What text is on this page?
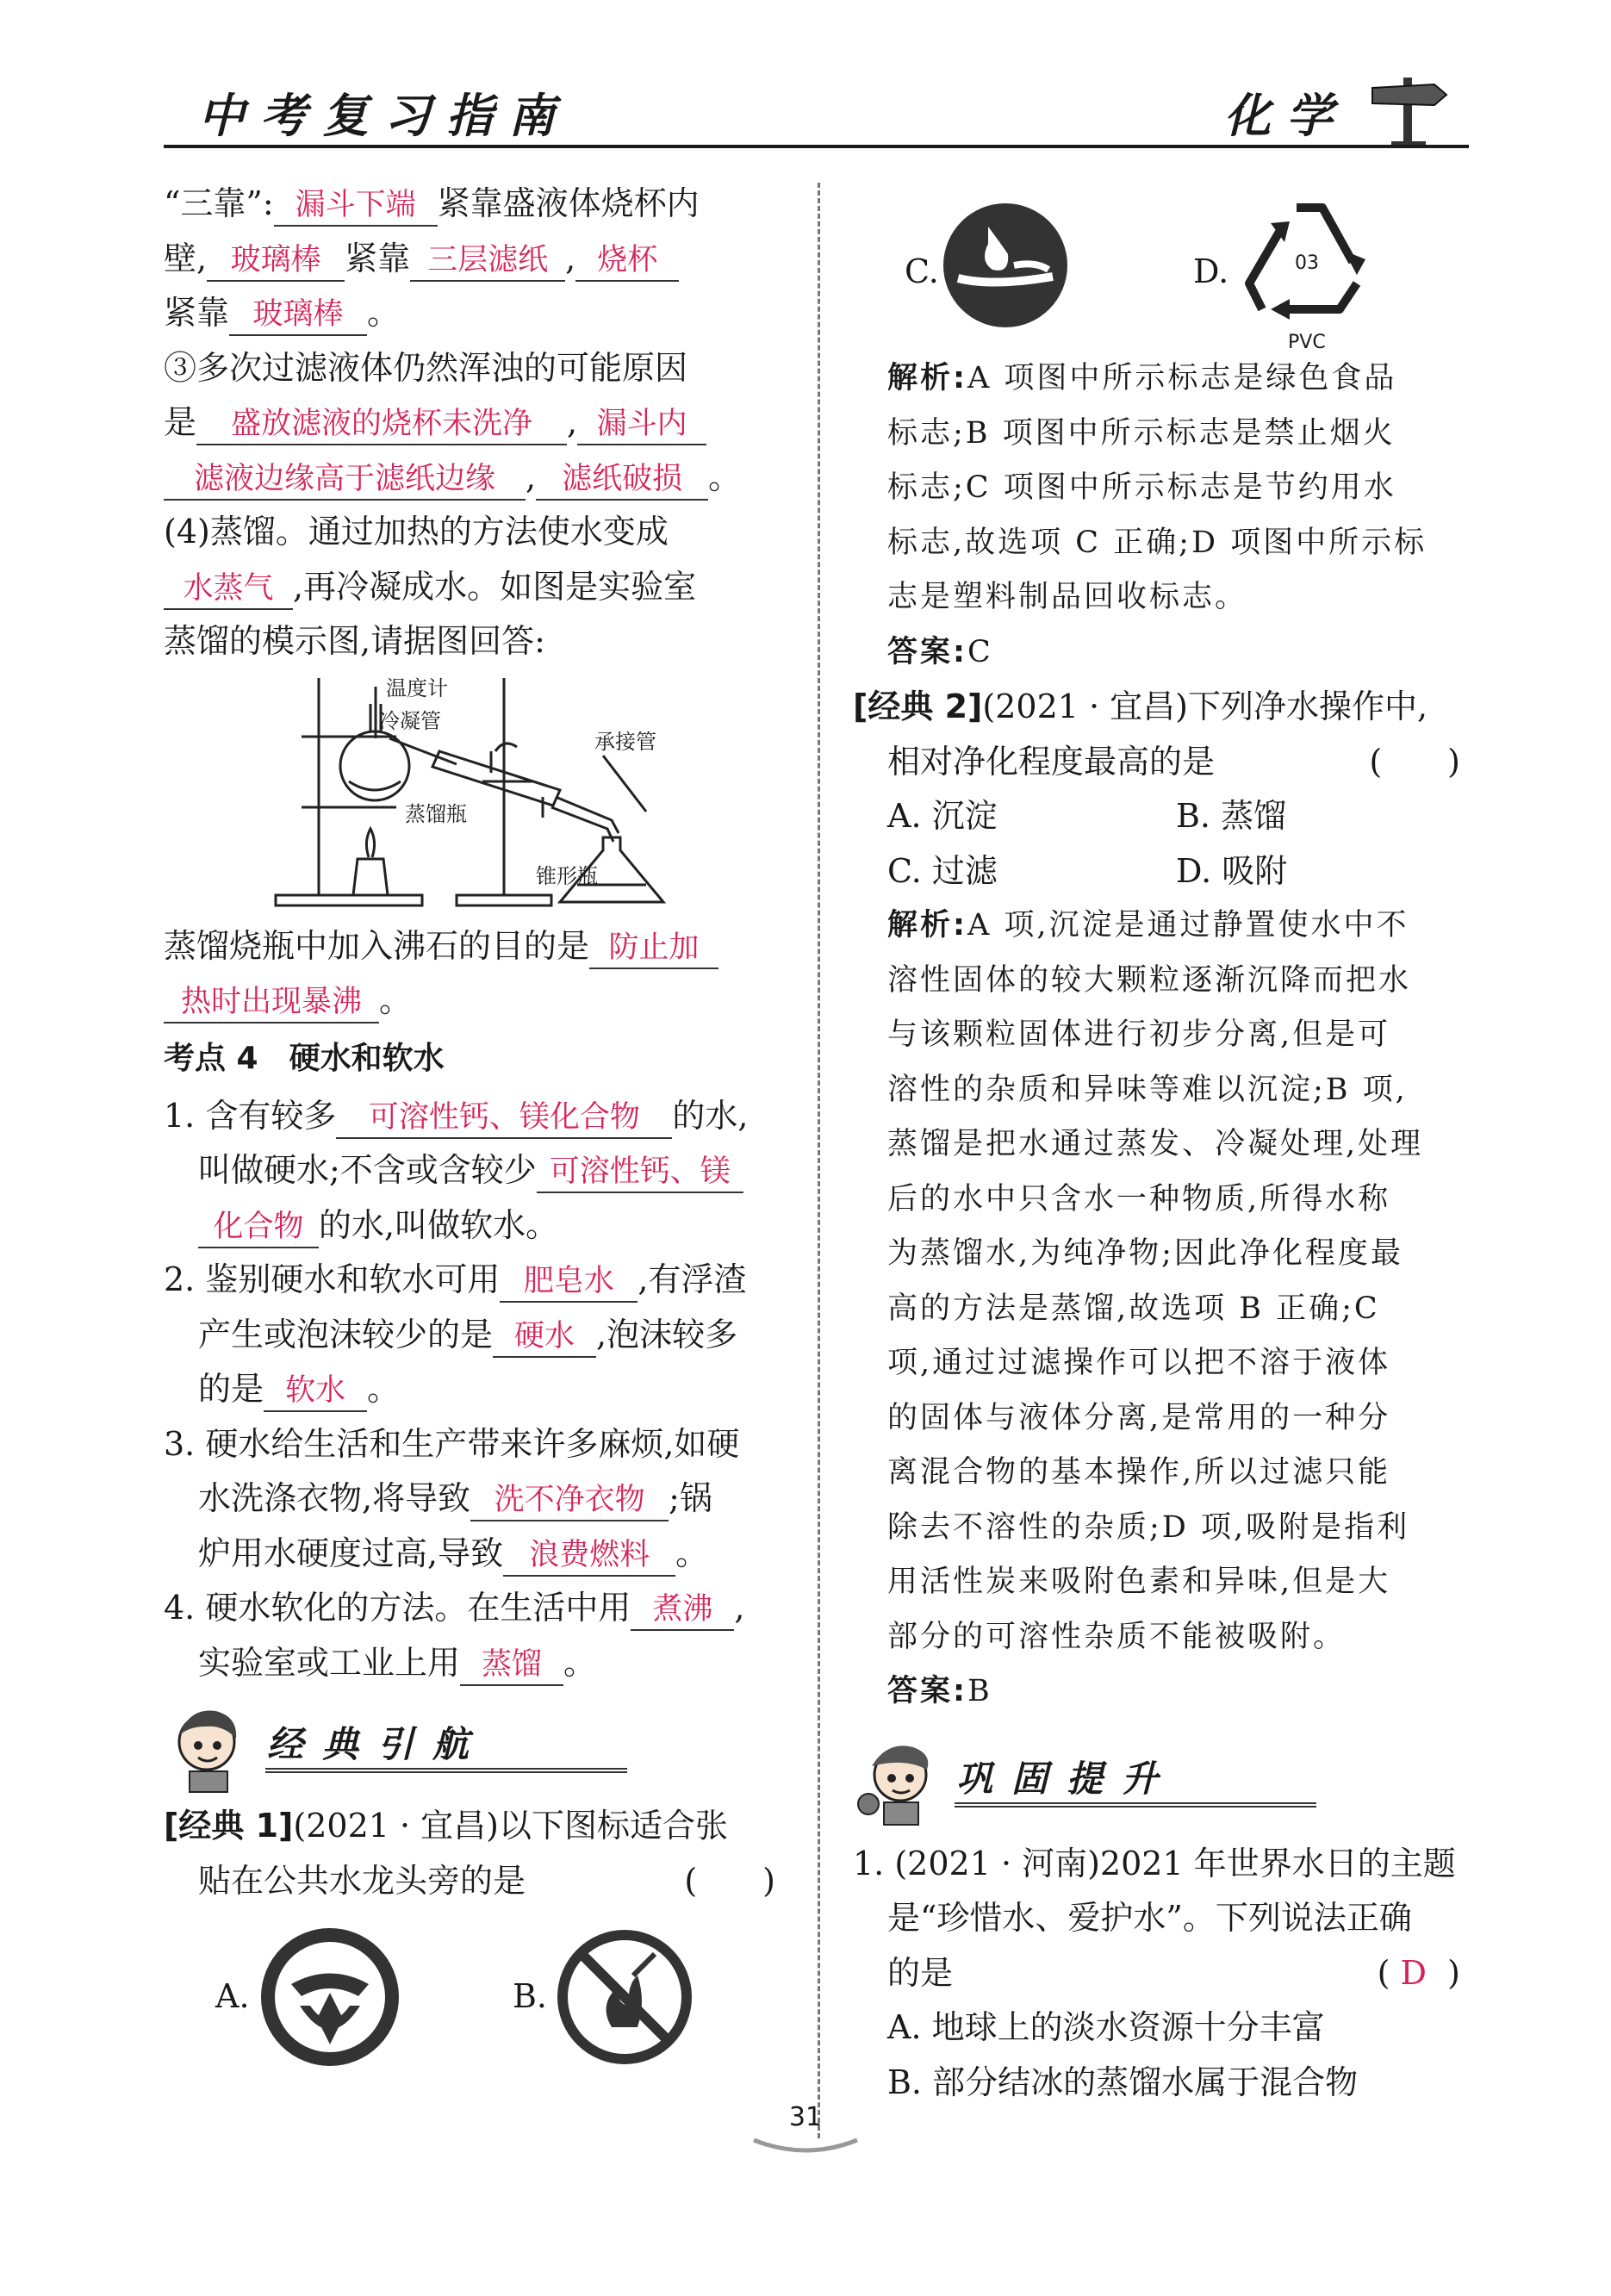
中考复习指南	化学
“三靠”: 漏斗下端 紧靠盛液体烧杯内
壁, 玻璃棒 紧靠 三层滤纸 , 烧杯
紧靠 玻璃棒 。
③多次过滤液体仍然浑浊的可能原因
是 盛放滤液的烧杯未洗净 , 漏斗内
滤液边缘高于滤纸边缘 , 滤纸破损 。
(4)蒸馏。通过加热的方法使水变成
水蒸气 ,再冷凝成水。如图是实验室
蒸馏的模示图,请据图回答:
温度计
冷凝管
承接管
蒸馏瓶
锥形瓶
蒸馏烧瓶中加入沸石的目的是 防止加
热时出现暴沸 。
考点 4　硬水和软水
1. 含有较多 可溶性钙、镁化合物 的水,
叫做硬水;不含或含较少 可溶性钙、镁
化合物 的水,叫做软水。
2. 鉴别硬水和软水可用 肥皂水 ,有浮渣
产生或泡沫较少的是 硬水 ,泡沫较多
的是 软水 。
3. 硬水给生活和生产带来许多麻烦,如硬
水洗涤衣物,将导致 洗不净衣物 ;锅
炉用水硬度过高,导致 浪费燃料 。
4. 硬水软化的方法。在生活中用 煮沸 ,
实验室或工业上用 蒸馏 。
经典引航
[经典 1](2021 · 宜昌)以下图标适合张
贴在公共水龙头旁的是	(　　)
A.	B.
C.	D.	03
PVC
解析:A 项图中所示标志是绿色食品
标志;B 项图中所示标志是禁止烟火
标志;C 项图中所示标志是节约用水
标志,故选项 C 正确;D 项图中所示标
志是塑料制品回收标志。
答案:C
[经典 2](2021 · 宜昌)下列净水操作中,
相对净化程度最高的是	(　　)
A. 沉淀	B. 蒸馏
C. 过滤	D. 吸附
解析:A 项,沉淀是通过静置使水中不
溶性固体的较大颗粒逐渐沉降而把水
与该颗粒固体进行初步分离,但是可
溶性的杂质和异味等难以沉淀;B 项,
蒸馏是把水通过蒸发、冷凝处理,处理
后的水中只含水一种物质,所得水称
为蒸馏水,为纯净物;因此净化程度最
高的方法是蒸馏,故选项 B 正确;C
项,通过过滤操作可以把不溶于液体
的固体与液体分离,是常用的一种分
离混合物的基本操作,所以过滤只能
除去不溶性的杂质;D 项,吸附是指利
用活性炭来吸附色素和异味,但是大
部分的可溶性杂质不能被吸附。
答案:B
巩固提升
1. (2021 · 河南)2021 年世界水日的主题
是“珍惜水、爱护水”。下列说法正确
的是	( D )
A. 地球上的淡水资源十分丰富
B. 部分结冰的蒸馏水属于混合物
31
